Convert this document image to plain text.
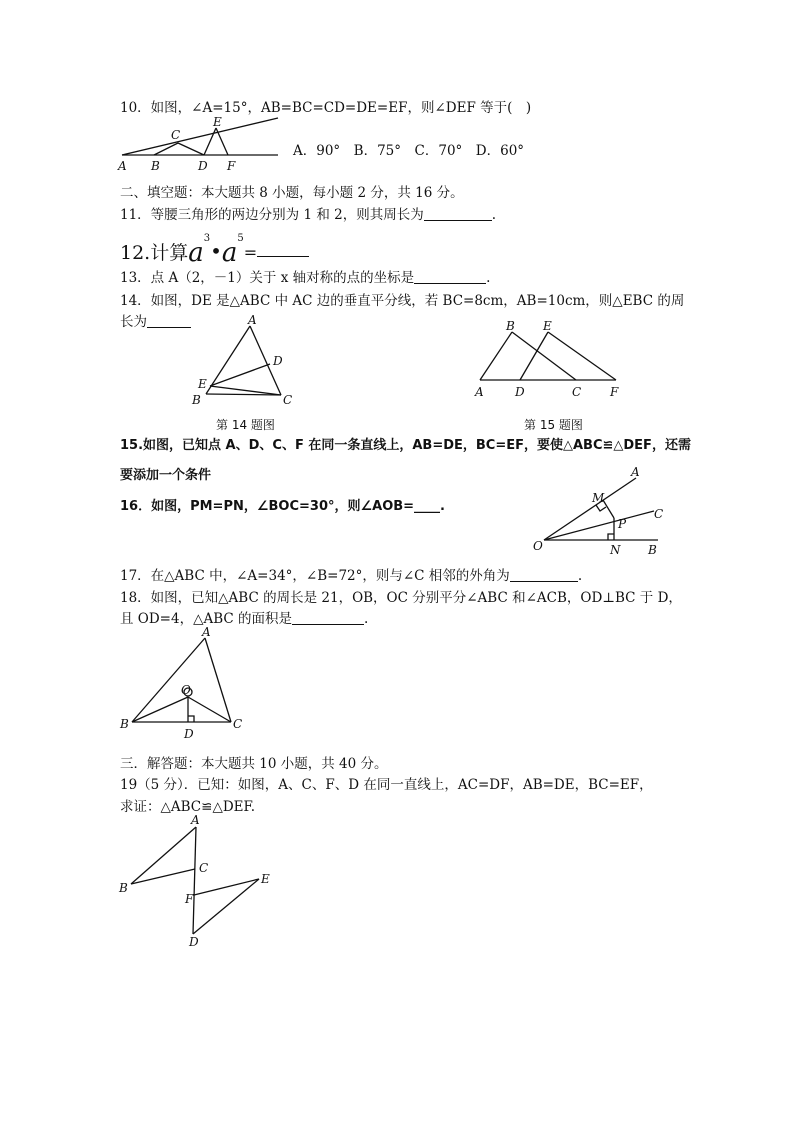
10．如图，∠A=15°，AB=BC=CD=DE=EF，则∠DEF 等于(　)
A B
C
D
E
F
A．90°　B．75°　C．70°　D．60°
二、填空题：本大题共 8 小题，每小题 2 分，共 16 分。
11．等腰三角形的两边分别为 1 和 2，则其周长为	.
12.计算$a^3•a^5=$
13．点 A（2，－1）关于 x 轴对称的点的坐标是	.
14．如图，DE 是△ABC 中 AC 边的垂直平分线，若 BC=8cm，AB=10cm，则△EBC 的周
长为	A
B	C
D
E
第 14 题图
B E
A	D	C F
第 15 题图
15.如图，已知点 A、D、C、F 在同一条直线上，AB=DE，BC=EF，要使△ABC≌△DEF，还需
要添加一个条件
16．如图，PM=PN，∠BOC=30°，则∠AOB=____.
A
M
P
C
O	N B
17．在△ABC 中，∠A=34°，∠B=72°，则与∠C 相邻的外角为	.
18．如图，已知△ABC 的周长是 21，OB，OC 分别平分∠ABC 和∠ACB，OD⊥BC 于 D，
且 OD=4，△ABC 的面积是	.
A
O
B	C
D
三．解答题：本大题共 10 小题，共 40 分。
19（5 分）．已知：如图，A、C、F、D 在同一直线上，AC=DF，AB=DE，BC=EF，
求证：△ABC≌△DEF.
A
C
B
F
E
D
